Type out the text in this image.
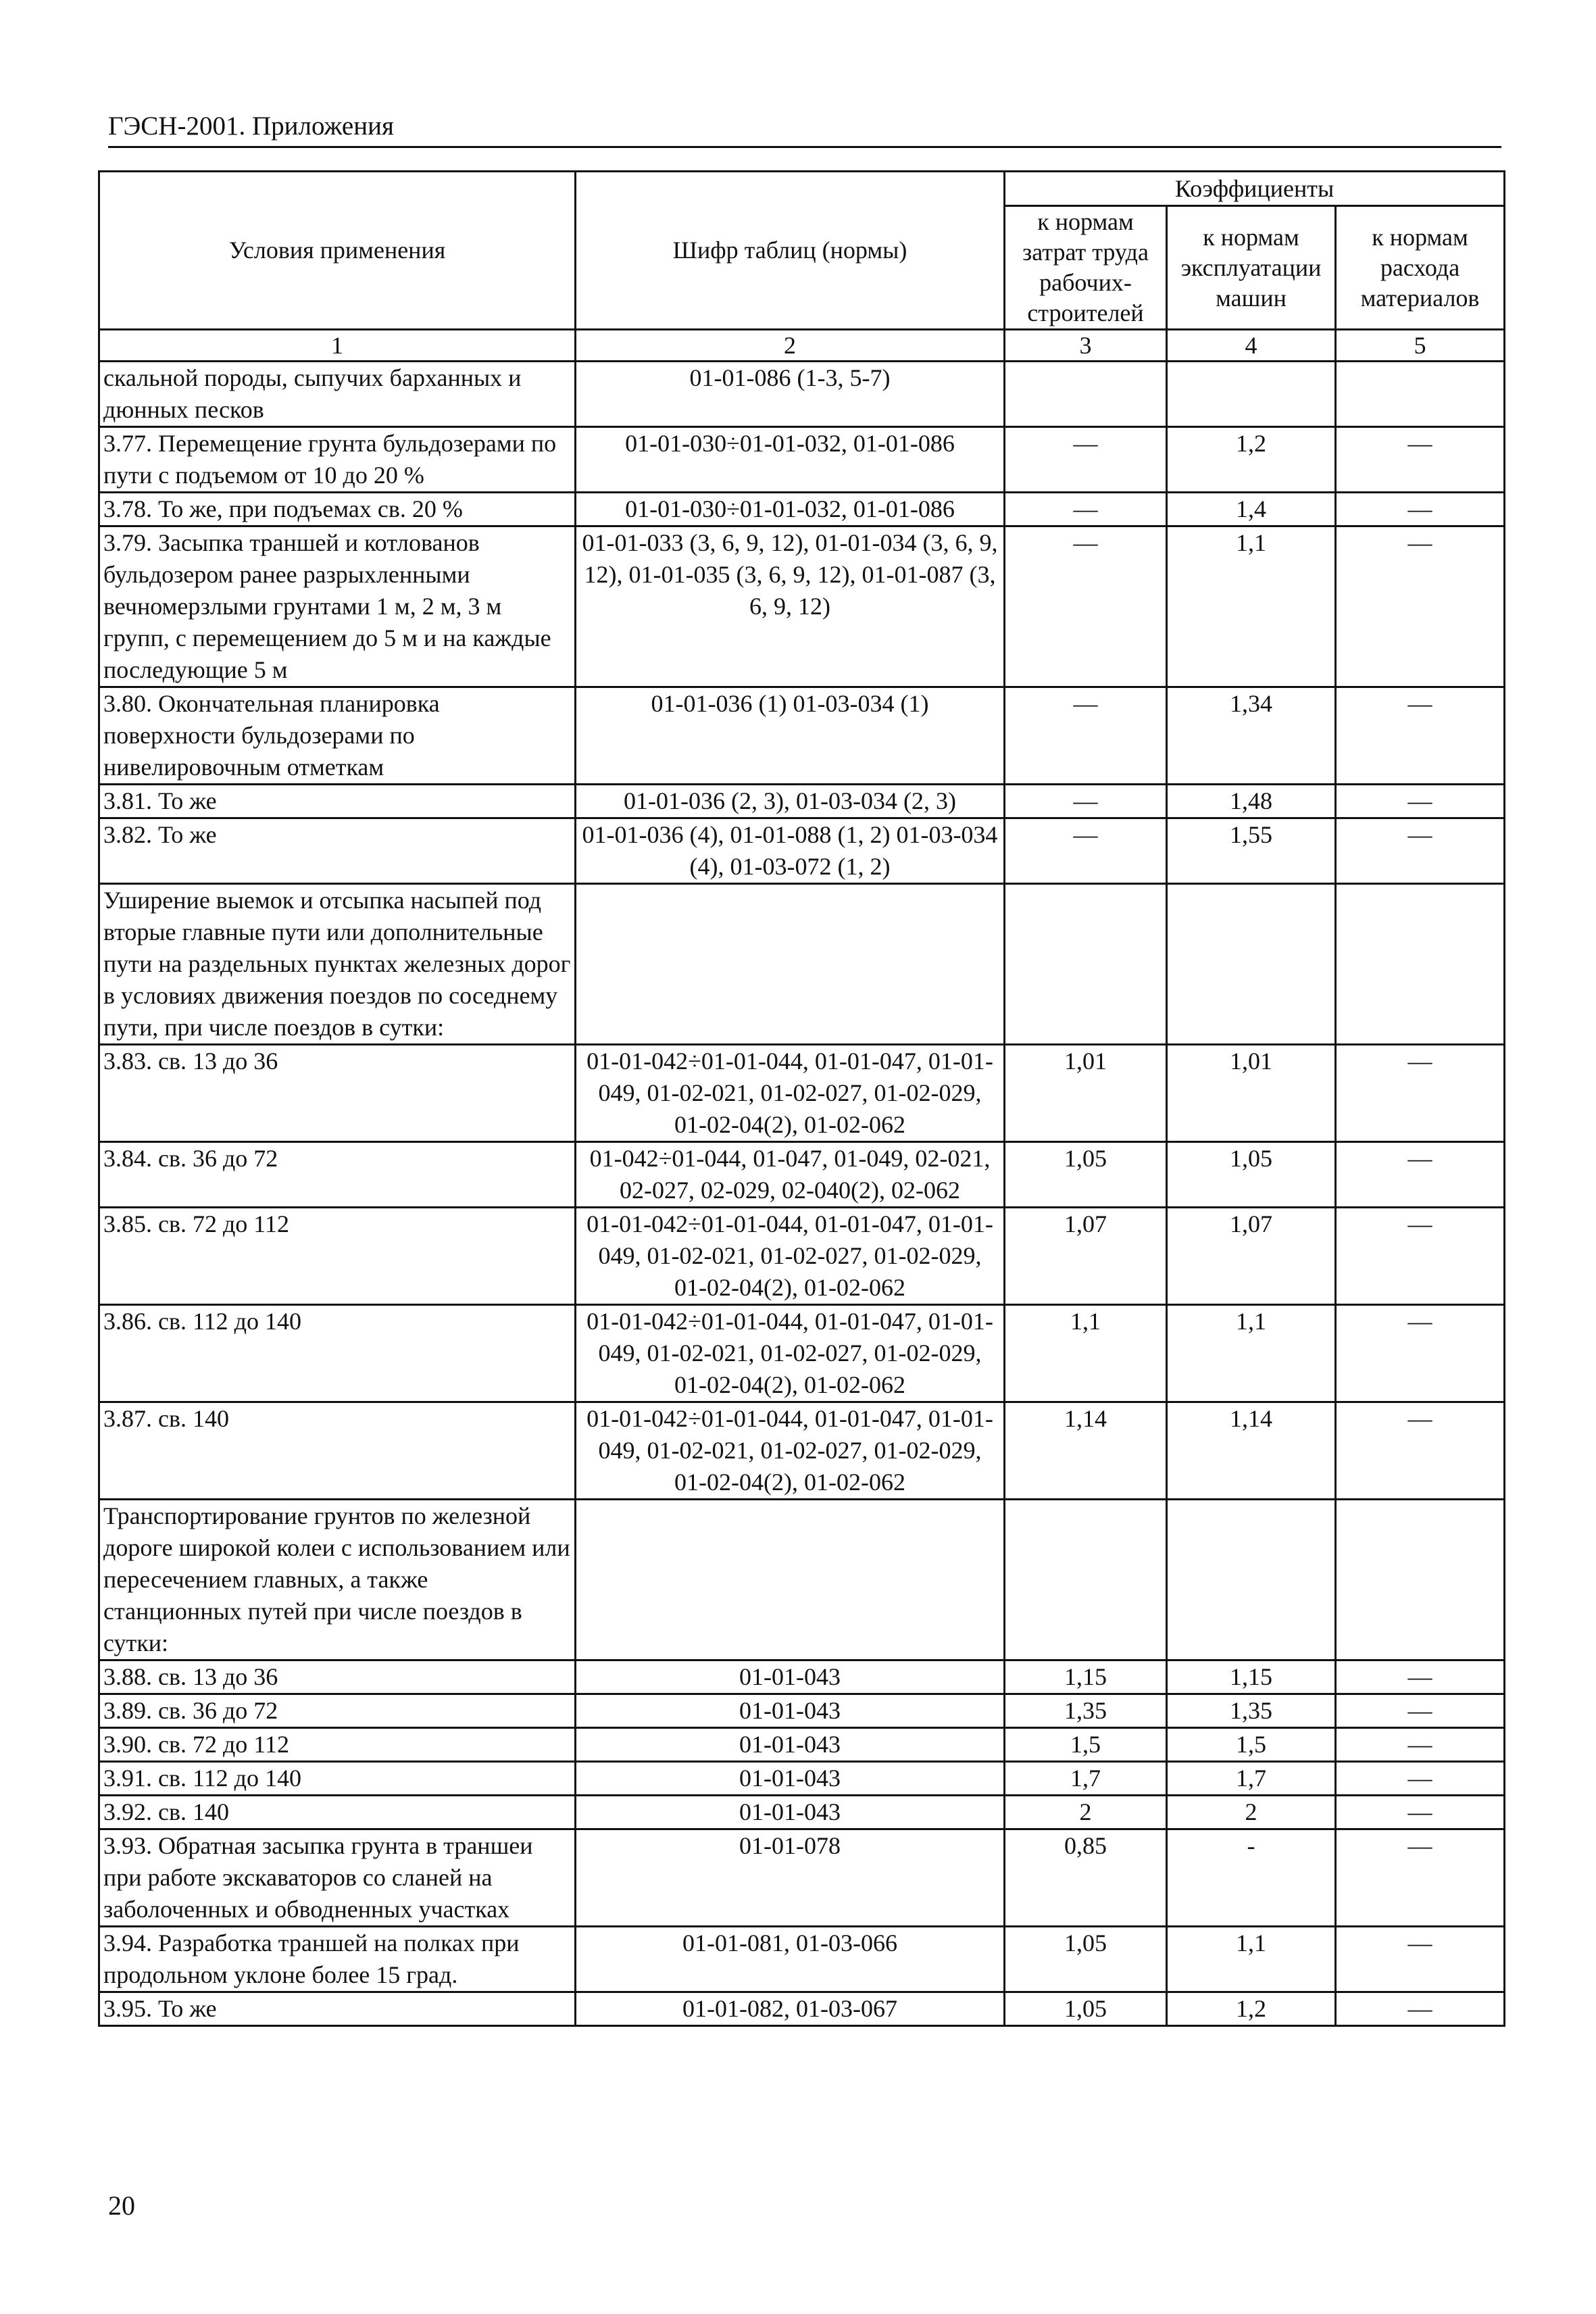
ГЭСН-2001. Приложения
Условия применения	Шифр таблиц (нормы)	Коэффициенты		
		к нормам затрат труда рабочих-строителей	к нормам эксплуатации машин	к нормам расхода материалов
1	2	3	4	5
скальной породы, сыпучих барханных и дюнных песков	01-01-086 (1-3, 5-7)			
3.77. Перемещение грунта бульдозерами по пути с подъемом от 10 до 20 %	01-01-030÷01-01-032, 01-01-086	—	1,2	—
3.78. То же, при подъемах св. 20 %	01-01-030÷01-01-032, 01-01-086	—	1,4	—
3.79. Засыпка траншей и котлованов бульдозером ранее разрыхленными вечномерзлыми грунтами 1 м, 2 м, 3 м групп, с перемещением до 5 м и на каждые последующие 5 м	01-01-033 (3, 6, 9, 12), 01-01-034 (3, 6, 9, 12), 01-01-035 (3, 6, 9, 12), 01-01-087 (3, 6, 9, 12)	—	1,1	—
3.80. Окончательная планировка поверхности бульдозерами по нивелировочным отметкам	01-01-036 (1) 01-03-034 (1)	—	1,34	—
3.81. То же	01-01-036 (2, 3), 01-03-034 (2, 3)	—	1,48	—
3.82. То же	01-01-036 (4), 01-01-088 (1, 2) 01-03-034 (4), 01-03-072 (1, 2)	—	1,55	—
Уширение выемок и отсыпка насыпей под вторые главные пути или дополнительные пути на раздельных пунктах железных дорог в условиях движения поездов по соседнему пути, при числе поездов в сутки:				
3.83. св. 13 до 36	01-01-042÷01-01-044, 01-01-047, 01-01-049, 01-02-021, 01-02-027, 01-02-029, 01-02-04(2), 01-02-062	1,01	1,01	—
3.84. св. 36 до 72	01-042÷01-044, 01-047, 01-049, 02-021, 02-027, 02-029, 02-040(2), 02-062	1,05	1,05	—
3.85. св. 72 до 112	01-01-042÷01-01-044, 01-01-047, 01-01-049, 01-02-021, 01-02-027, 01-02-029, 01-02-04(2), 01-02-062	1,07	1,07	—
3.86. св. 112 до 140	01-01-042÷01-01-044, 01-01-047, 01-01-049, 01-02-021, 01-02-027, 01-02-029, 01-02-04(2), 01-02-062	1,1	1,1	—
3.87. св. 140	01-01-042÷01-01-044, 01-01-047, 01-01-049, 01-02-021, 01-02-027, 01-02-029, 01-02-04(2), 01-02-062	1,14	1,14	—
Транспортирование грунтов по железной дороге широкой колеи с использованием или пересечением главных, а также станционных путей при числе поездов в сутки:				
3.88. св. 13 до 36	01-01-043	1,15	1,15	—
3.89. св. 36 до 72	01-01-043	1,35	1,35	—
3.90. св. 72 до 112	01-01-043	1,5	1,5	—
3.91. св. 112 до 140	01-01-043	1,7	1,7	—
3.92. св. 140	01-01-043	2	2	—
3.93. Обратная засыпка грунта в траншеи при работе экскаваторов со сланей на заболоченных и обводненных участках	01-01-078	0,85	-	—
3.94. Разработка траншей на полках при продольном уклоне более 15 град.	01-01-081, 01-03-066	1,05	1,1	—
3.95. То же	01-01-082, 01-03-067	1,05	1,2	—
20
